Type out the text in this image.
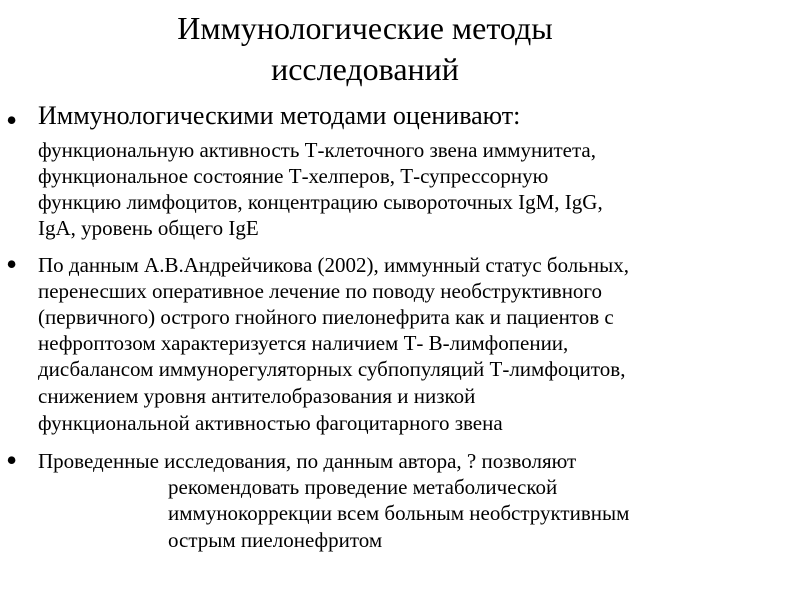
Иммунологические методы
исследований
• Иммунологическими методами оценивают:
функциональную активность Т-клеточного звена иммунитета,
функциональное состояние Т-хелперов, Т-супрессорную
функцию лимфоцитов, концентрацию сывороточных IgM, IgG,
IgA, уровень общего IgE
• По данным А.В.Андрейчикова (2002), иммунный статус больных,
перенесших оперативное лечение по поводу необструктивного
(первичного) острого гнойного пиелонефрита как и пациентов с
нефроптозом характеризуется наличием Т- В-лимфопении,
дисбалансом иммунорегуляторных субпопуляций Т-лимфоцитов,
снижением уровня антителобразования и низкой
функциональной активностью фагоцитарного звена
• Проведенные исследования, по данным автора, ? позволяют
рекомендовать проведение метаболической
иммунокоррекции всем больным необструктивным
острым пиелонефритом
